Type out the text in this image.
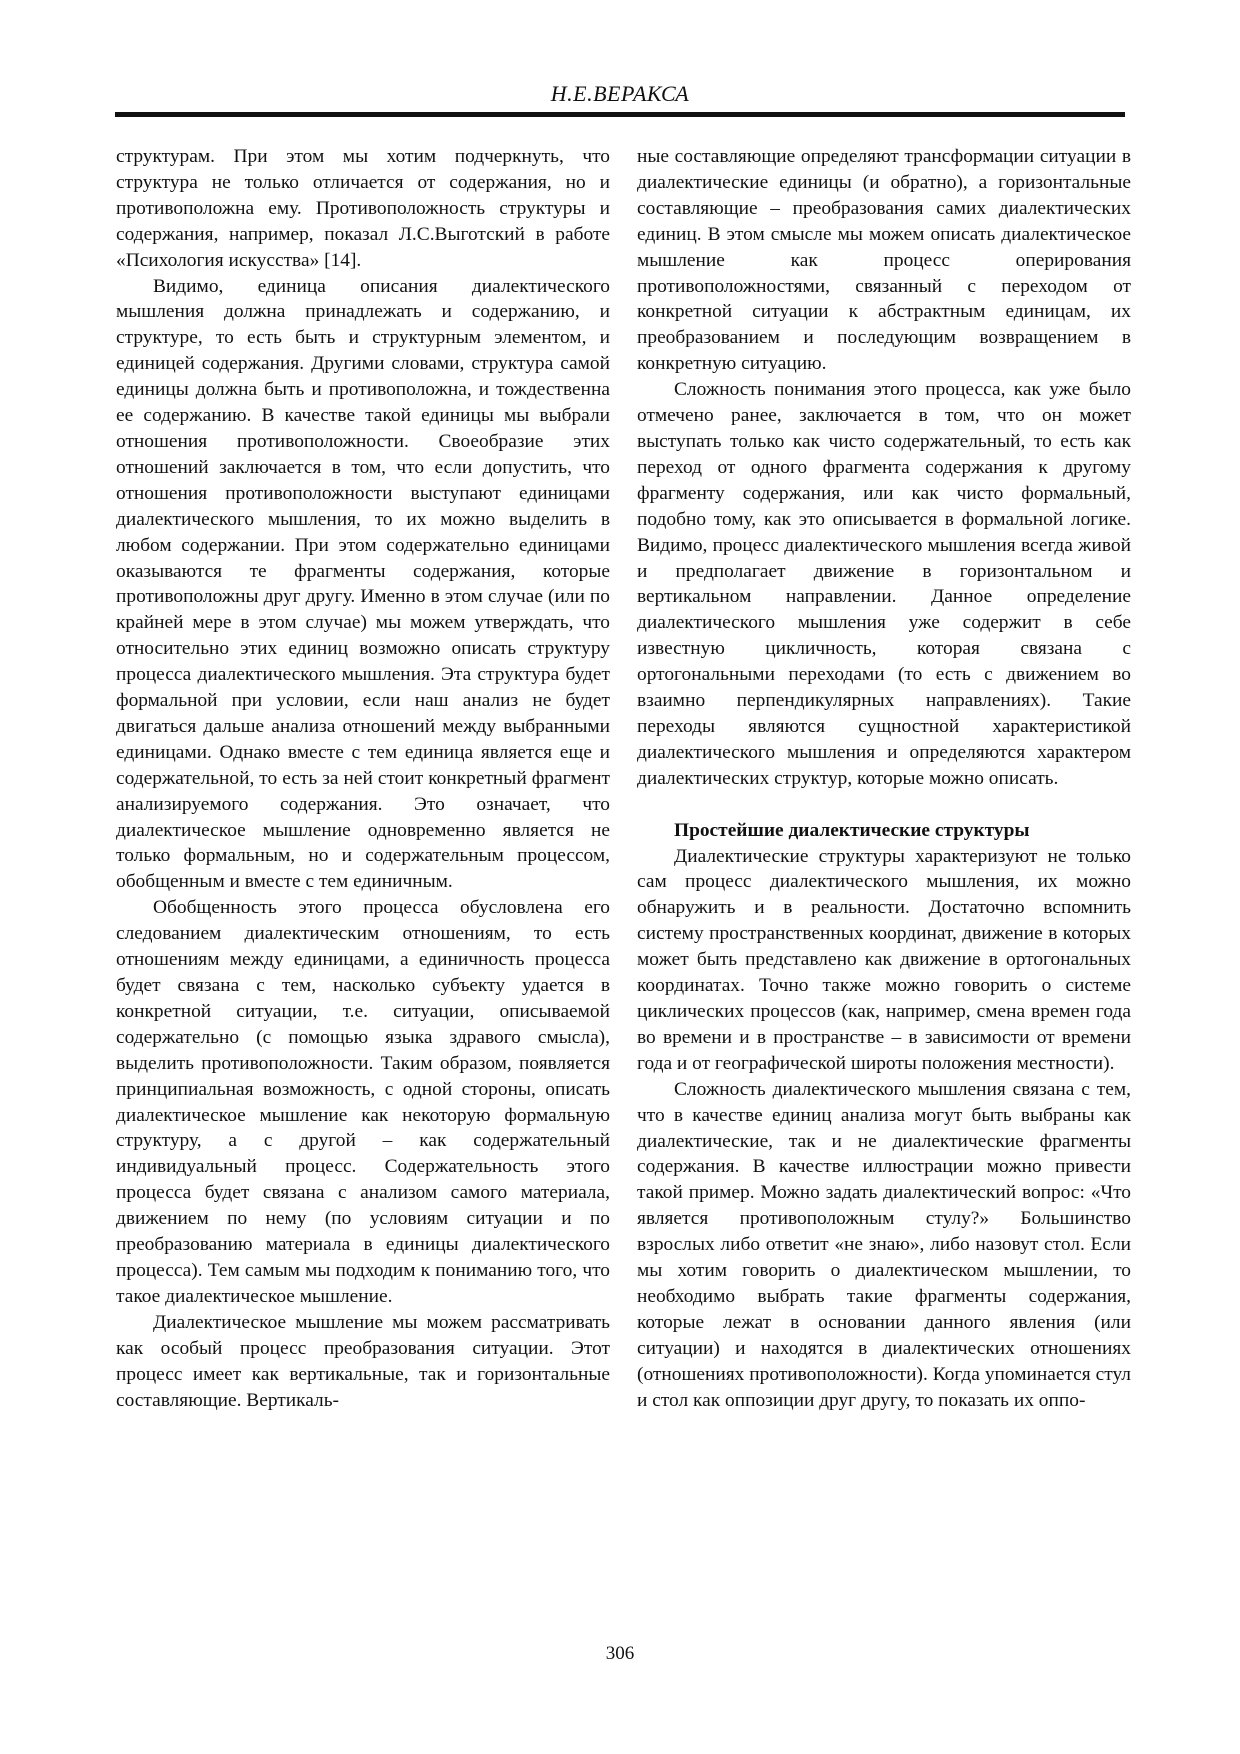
Н.Е.ВЕРАКСА

структурам. При этом мы хотим подчеркнуть, что структура не только отличается от содержания, но и противоположна ему. Противоположность структуры и содержания, например, показал Л.С.Выготский в работе «Психология искусства» [14].

Видимо, единица описания диалектического мышления должна принадлежать и содержанию, и структуре, то есть быть и структурным элементом, и единицей содержания. Другими словами, структура самой единицы должна быть и противоположна, и тождественна ее содержанию. В качестве такой единицы мы выбрали отношения противоположности. Своеобразие этих отношений заключается в том, что если допустить, что отношения противоположности выступают единицами диалектического мышления, то их можно выделить в любом содержании. При этом содержательно единицами оказываются те фрагменты содержания, которые противоположны друг другу. Именно в этом случае (или по крайней мере в этом случае) мы можем утверждать, что относительно этих единиц возможно описать структуру процесса диалектического мышления. Эта структура будет формальной при условии, если наш анализ не будет двигаться дальше анализа отношений между выбранными единицами. Однако вместе с тем единица является еще и содержательной, то есть за ней стоит конкретный фрагмент анализируемого содержания. Это означает, что диалектическое мышление одновременно является не только формальным, но и содержательным процессом, обобщенным и вместе с тем единичным.

Обобщенность этого процесса обусловлена его следованием диалектическим отношениям, то есть отношениям между единицами, а единичность процесса будет связана с тем, насколько субъекту удается в конкретной ситуации, т.е. ситуации, описываемой содержательно (с помощью языка здравого смысла), выделить противоположности. Таким образом, появляется принципиальная возможность, с одной стороны, описать диалектическое мышление как некоторую формальную структуру, а с другой – как содержательный индивидуальный процесс. Содержательность этого процесса будет связана с анализом самого материала, движением по нему (по условиям ситуации и по преобразованию материала в единицы диалектического процесса). Тем самым мы подходим к пониманию того, что такое диалектическое мышление.

Диалектическое мышление мы можем рассматривать как особый процесс преобразования ситуации. Этот процесс имеет как вертикальные, так и горизонтальные составляющие. Вертикаль-

ные составляющие определяют трансформации ситуации в диалектические единицы (и обратно), а горизонтальные составляющие – преобразования самих диалектических единиц. В этом смысле мы можем описать диалектическое мышление как процесс оперирования противоположностями, связанный с переходом от конкретной ситуации к абстрактным единицам, их преобразованием и последующим возвращением в конкретную ситуацию.

Сложность понимания этого процесса, как уже было отмечено ранее, заключается в том, что он может выступать только как чисто содержательный, то есть как переход от одного фрагмента содержания к другому фрагменту содержания, или как чисто формальный, подобно тому, как это описывается в формальной логике. Видимо, процесс диалектического мышления всегда живой и предполагает движение в горизонтальном и вертикальном направлении. Данное определение диалектического мышления уже содержит в себе известную цикличность, которая связана с ортогональными переходами (то есть с движением во взаимно перпендикулярных направлениях). Такие переходы являются сущностной характеристикой диалектического мышления и определяются характером диалектических структур, которые можно описать.

Простейшие диалектические структуры

Диалектические структуры характеризуют не только сам процесс диалектического мышления, их можно обнаружить и в реальности. Достаточно вспомнить систему пространственных координат, движение в которых может быть представлено как движение в ортогональных координатах. Точно также можно говорить о системе циклических процессов (как, например, смена времен года во времени и в пространстве – в зависимости от времени года и от географической широты положения местности).

Сложность диалектического мышления связана с тем, что в качестве единиц анализа могут быть выбраны как диалектические, так и не диалектические фрагменты содержания. В качестве иллюстрации можно привести такой пример. Можно задать диалектический вопрос: «Что является противоположным стулу?» Большинство взрослых либо ответит «не знаю», либо назовут стол. Если мы хотим говорить о диалектическом мышлении, то необходимо выбрать такие фрагменты содержания, которые лежат в основании данного явления (или ситуации) и находятся в диалектических отношениях (отношениях противоположности). Когда упоминается стул и стол как оппозиции друг другу, то показать их оппо-

306
